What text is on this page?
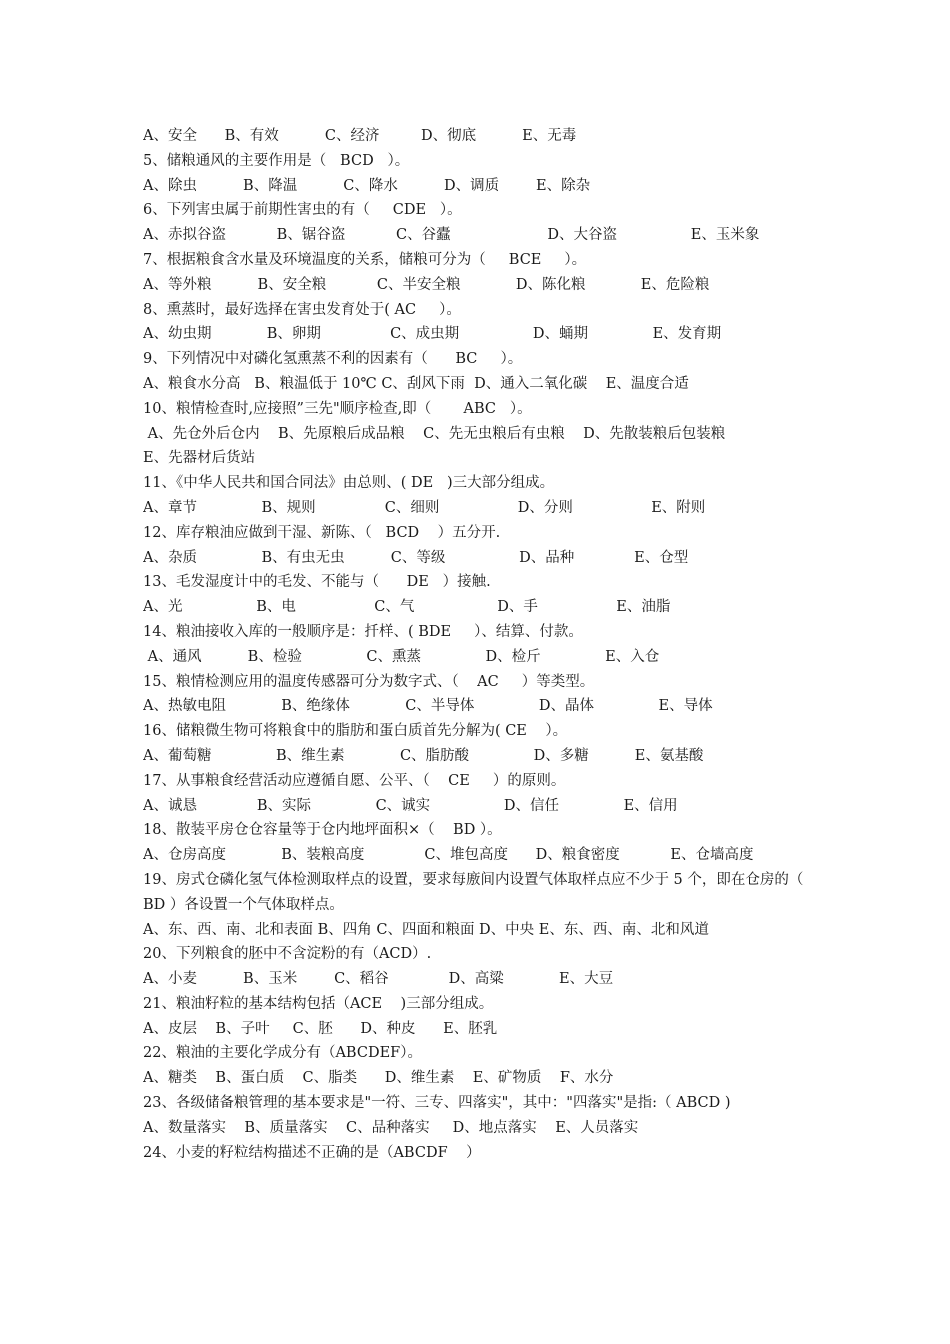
A、安全      B、有效          C、经济         D、彻底          E、无毒
5、储粮通风的主要作用是（   BCD   ）。
A、除虫          B、降温          C、降水          D、调质        E、除杂
6、下列害虫属于前期性害虫的有（     CDE   ）。
A、赤拟谷盗           B、锯谷盗           C、谷蠹                     D、大谷盗                E、玉米象
7、根据粮食含水量及环境温度的关系，储粮可分为（     BCE     ）。
A、等外粮          B、安全粮           C、半安全粮            D、陈化粮            E、危险粮
8、熏蒸时，最好选择在害虫发育处于( AC     ）。
A、幼虫期            B、卵期               C、成虫期                D、蛹期              E、发育期
9、下列情况中对磷化氢熏蒸不利的因素有（      BC     ）。
A、粮食水分高   B、粮温低于 10℃ C、刮风下雨  D、通入二氧化碳    E、温度合适
10、粮情检查时,应接照”三先"顺序检查,即（       ABC   ）。
A、先仓外后仓内    B、先原粮后成品粮    C、先无虫粮后有虫粮    D、先散装粮后包装粮
E、先器材后货站
11、《中华人民共和国合同法》由总则、( DE   )三大部分组成。
A、章节              B、规则               C、细则                 D、分则                 E、附则
12、库存粮油应做到干湿、新陈、（   BCD    ）五分开.
A、杂质              B、有虫无虫          C、等级                D、品种             E、仓型
13、毛发湿度计中的毛发、不能与（      DE   ）接触.
A、光                B、电                 C、气                  D、手                 E、油脂
14、粮油接收入库的一般顺序是：扦样、( BDE     ）、结算、付款。
A、通风          B、检验              C、熏蒸              D、检斤              E、入仓
15、粮情检测应用的温度传感器可分为数字式、（    AC     ）等类型。
A、热敏电阻            B、绝缘体            C、半导体              D、晶体              E、导体
16、储粮微生物可将粮食中的脂肪和蛋白质首先分解为( CE    ）。
A、葡萄糖              B、维生素            C、脂肪酸              D、多糖          E、氨基酸
17、从事粮食经营活动应遵循自愿、公平、（    CE     ）的原则。
A、诚恳             B、实际              C、诚实                D、信任              E、信用
18、散装平房仓仓容量等于仓内地坪面积×（    BD ）。
A、仓房高度            B、装粮高度             C、堆包高度      D、粮食密度           E、仓墙高度
19、房式仓磷化氢气体检测取样点的设置，要求每廒间内设置气体取样点应不少于 5 个，即在仓房的（ BD ）各设置一个气体取样点。
A、东、西、南、北和表面 B、四角 C、四面和粮面 D、中央 E、东、西、南、北和风道
20、下列粮食的胚中不含淀粉的有（ACD）.
A、小麦          B、玉米        C、稻谷             D、高粱            E、大豆
21、粮油籽粒的基本结构包括（ACE    )三部分组成。
A、皮层    B、子叶     C、胚      D、种皮      E、胚乳
22、粮油的主要化学成分有（ABCDEF）。
A、糖类    B、蛋白质    C、脂类      D、维生素    E、矿物质    F、水分
23、各级储备粮管理的基本要求是"一符、三专、四落实"，其中："四落实"是指:（ ABCD )
A、数量落实    B、质量落实    C、品种落实     D、地点落实    E、人员落实
24、小麦的籽粒结构描述不正确的是（ABCDF    ）
